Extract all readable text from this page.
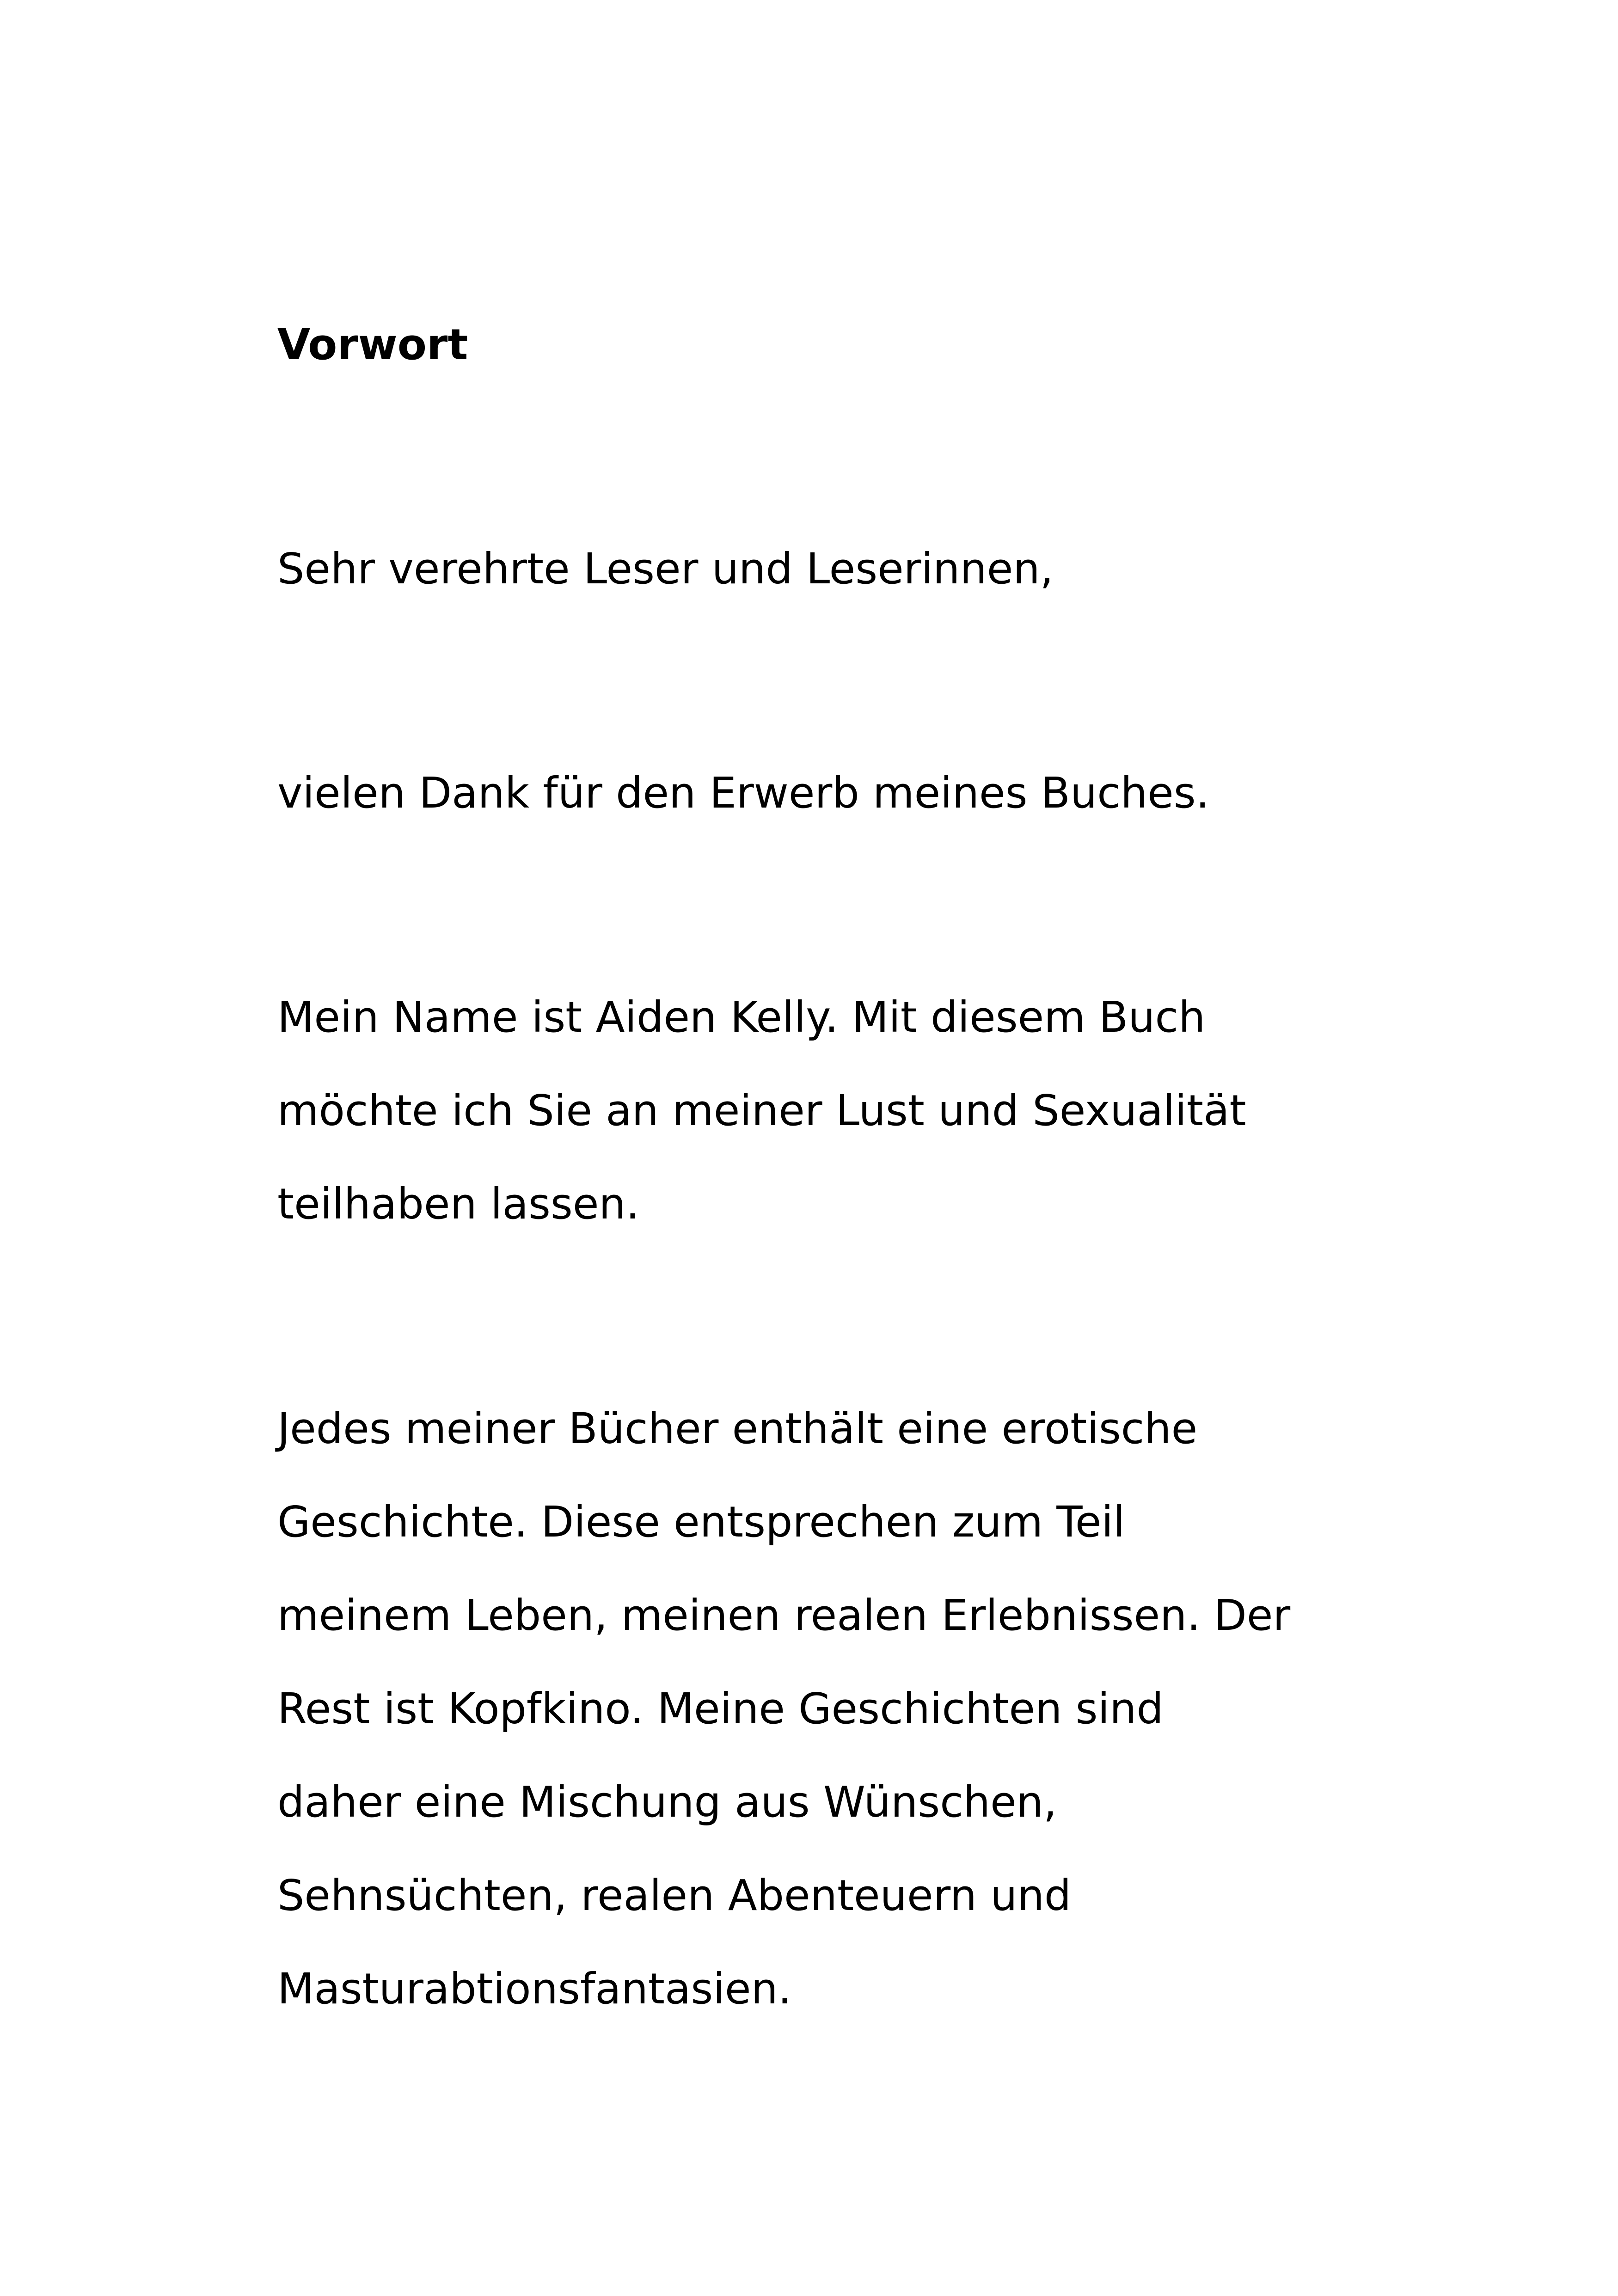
Vorwort
Sehr verehrte Leser und Leserinnen,
vielen Dank für den Erwerb meines Buches.
Mein Name ist Aiden Kelly. Mit diesem Buch
möchte ich Sie an meiner Lust und Sexualität
teilhaben lassen.
Jedes meiner Bücher enthält eine erotische
Geschichte. Diese entsprechen zum Teil
meinem Leben, meinen realen Erlebnissen. Der
Rest ist Kopfkino. Meine Geschichten sind
daher eine Mischung aus Wünschen,
Sehnsüchten, realen Abenteuern und
Masturabtionsfantasien.
